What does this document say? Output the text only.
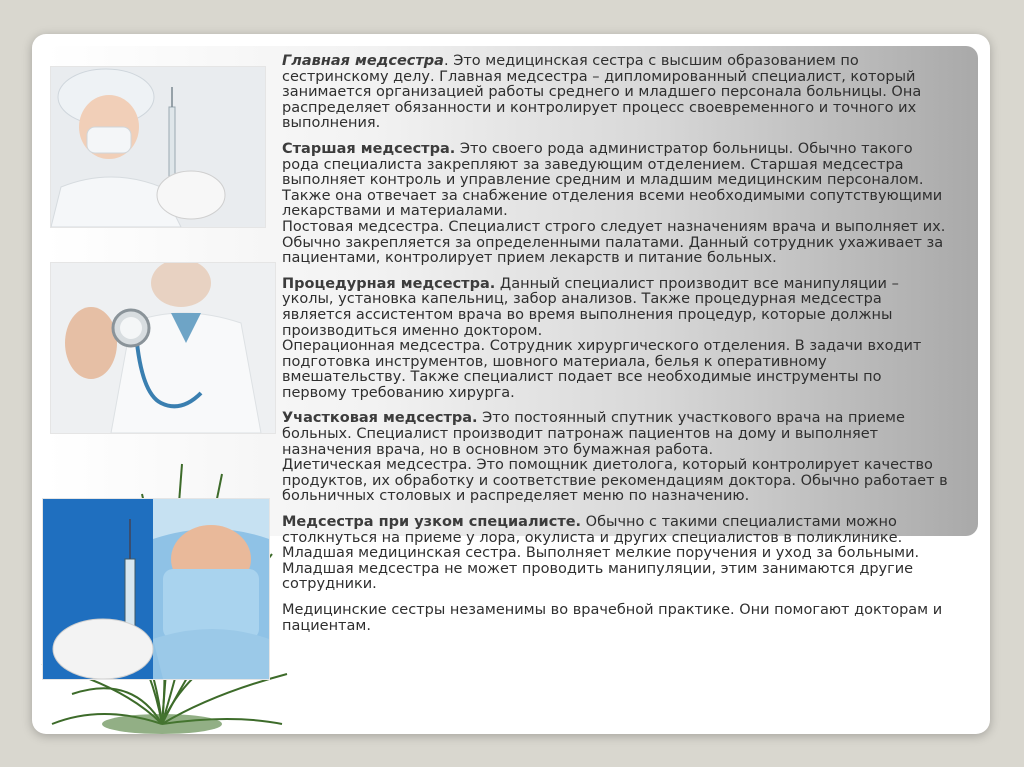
Главная медсестра. Это медицинская сестра с высшим образованием по сестринскому делу. Главная медсестра – дипломированный специалист, который занимается организацией работы среднего и младшего персонала больницы. Она распределяет обязанности и контролирует процесс своевременного и точного их выполнения.

Старшая медсестра. Это своего рода администратор больницы. Обычно такого рода специалиста закрепляют за заведующим отделением. Старшая медсестра выполняет контроль и управление средним и младшим медицинским персоналом. Также она отвечает за снабжение отделения всеми необходимыми сопутствующими лекарствами и материалами.
Постовая медсестра. Специалист строго следует назначениям врача и выполняет их. Обычно закрепляется за определенными палатами. Данный сотрудник ухаживает за пациентами, контролирует прием лекарств и питание больных.

Процедурная медсестра. Данный специалист производит все манипуляции – уколы, установка капельниц, забор анализов. Также процедурная медсестра является ассистентом врача во время выполнения процедур, которые должны производиться именно доктором.
Операционная медсестра. Сотрудник хирургического отделения. В задачи входит подготовка инструментов, шовного материала, белья к оперативному вмешательству. Также специалист подает все необходимые инструменты по первому требованию хирурга.

Участковая медсестра. Это постоянный спутник участкового врача на приеме больных. Специалист производит патронаж пациентов на дому и выполняет назначения врача, но в основном это бумажная работа.
Диетическая медсестра. Это помощник диетолога, который контролирует качество продуктов, их обработку и соответствие рекомендациям доктора. Обычно работает в больничных столовых и распределяет меню по назначению.

Медсестра при узком специалисте. Обычно с такими специалистами можно столкнуться на приеме у лора, окулиста и других специалистов в поликлинике.
Младшая медицинская сестра. Выполняет мелкие поручения и уход за больными. Младшая медсестра не может проводить манипуляции, этим занимаются другие сотрудники.

Медицинские сестры незаменимы во врачебной практике. Они помогают докторам и пациентам.
